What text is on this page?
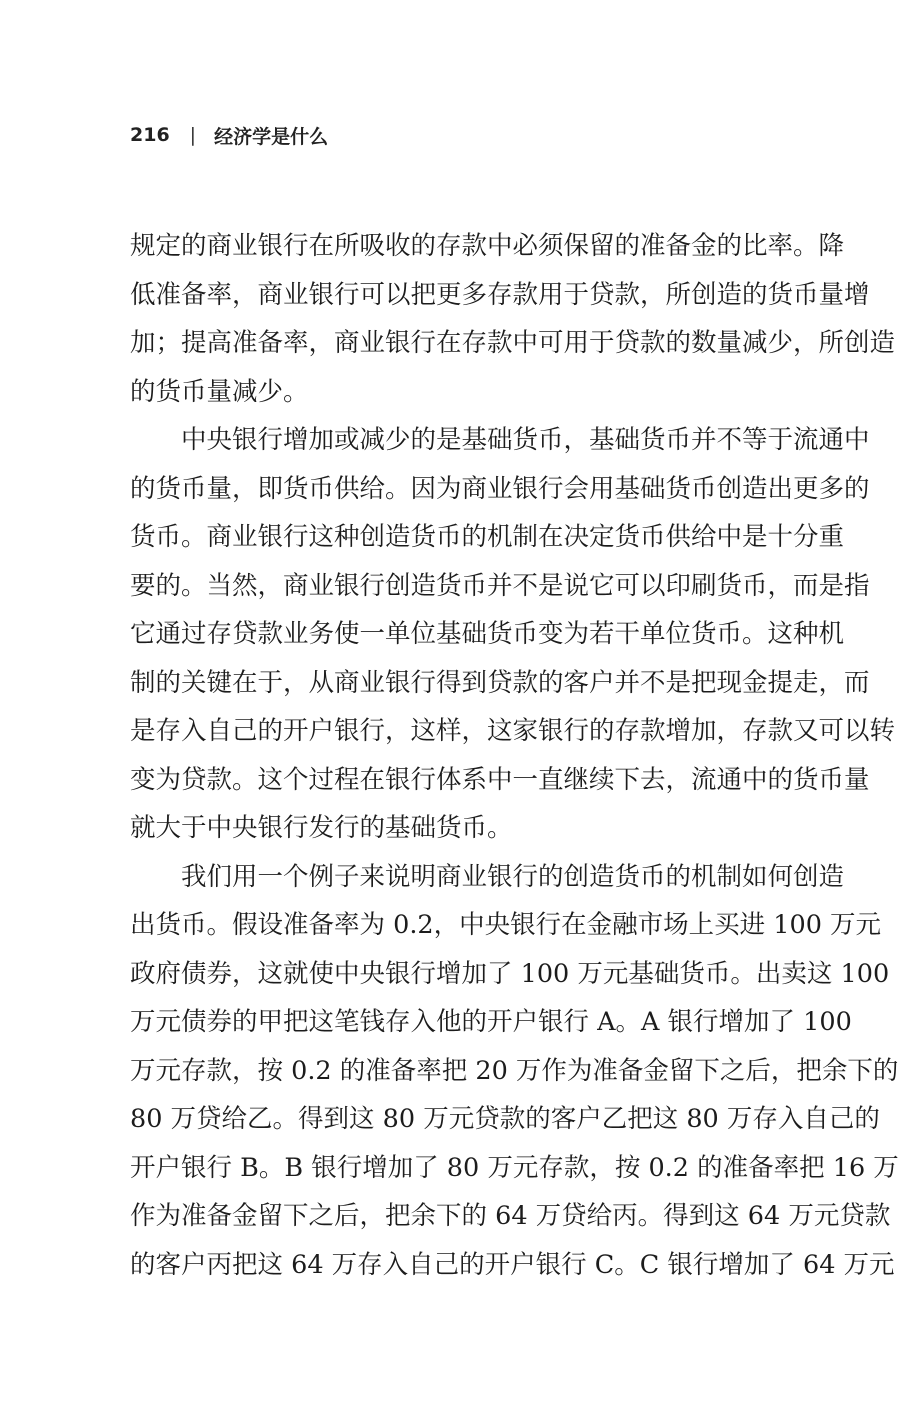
216 | 经济学是什么
规定的商业银行在所吸收的存款中必须保留的准备金的比率。降
低准备率，商业银行可以把更多存款用于贷款，所创造的货币量增
加；提高准备率，商业银行在存款中可用于贷款的数量减少，所创造
的货币量减少。
中央银行增加或减少的是基础货币，基础货币并不等于流通中
的货币量，即货币供给。因为商业银行会用基础货币创造出更多的
货币。商业银行这种创造货币的机制在决定货币供给中是十分重
要的。当然，商业银行创造货币并不是说它可以印刷货币，而是指
它通过存贷款业务使一单位基础货币变为若干单位货币。这种机
制的关键在于，从商业银行得到贷款的客户并不是把现金提走，而
是存入自己的开户银行，这样，这家银行的存款增加，存款又可以转
变为贷款。这个过程在银行体系中一直继续下去，流通中的货币量
就大于中央银行发行的基础货币。
我们用一个例子来说明商业银行的创造货币的机制如何创造
出货币。假设准备率为 0.2，中央银行在金融市场上买进 100 万元
政府债券，这就使中央银行增加了 100 万元基础货币。出卖这 100
万元债券的甲把这笔钱存入他的开户银行 A。A 银行增加了 100
万元存款，按 0.2 的准备率把 20 万作为准备金留下之后，把余下的
80 万贷给乙。得到这 80 万元贷款的客户乙把这 80 万存入自己的
开户银行 B。B 银行增加了 80 万元存款，按 0.2 的准备率把 16 万
作为准备金留下之后，把余下的 64 万贷给丙。得到这 64 万元贷款
的客户丙把这 64 万存入自己的开户银行 C。C 银行增加了 64 万元
